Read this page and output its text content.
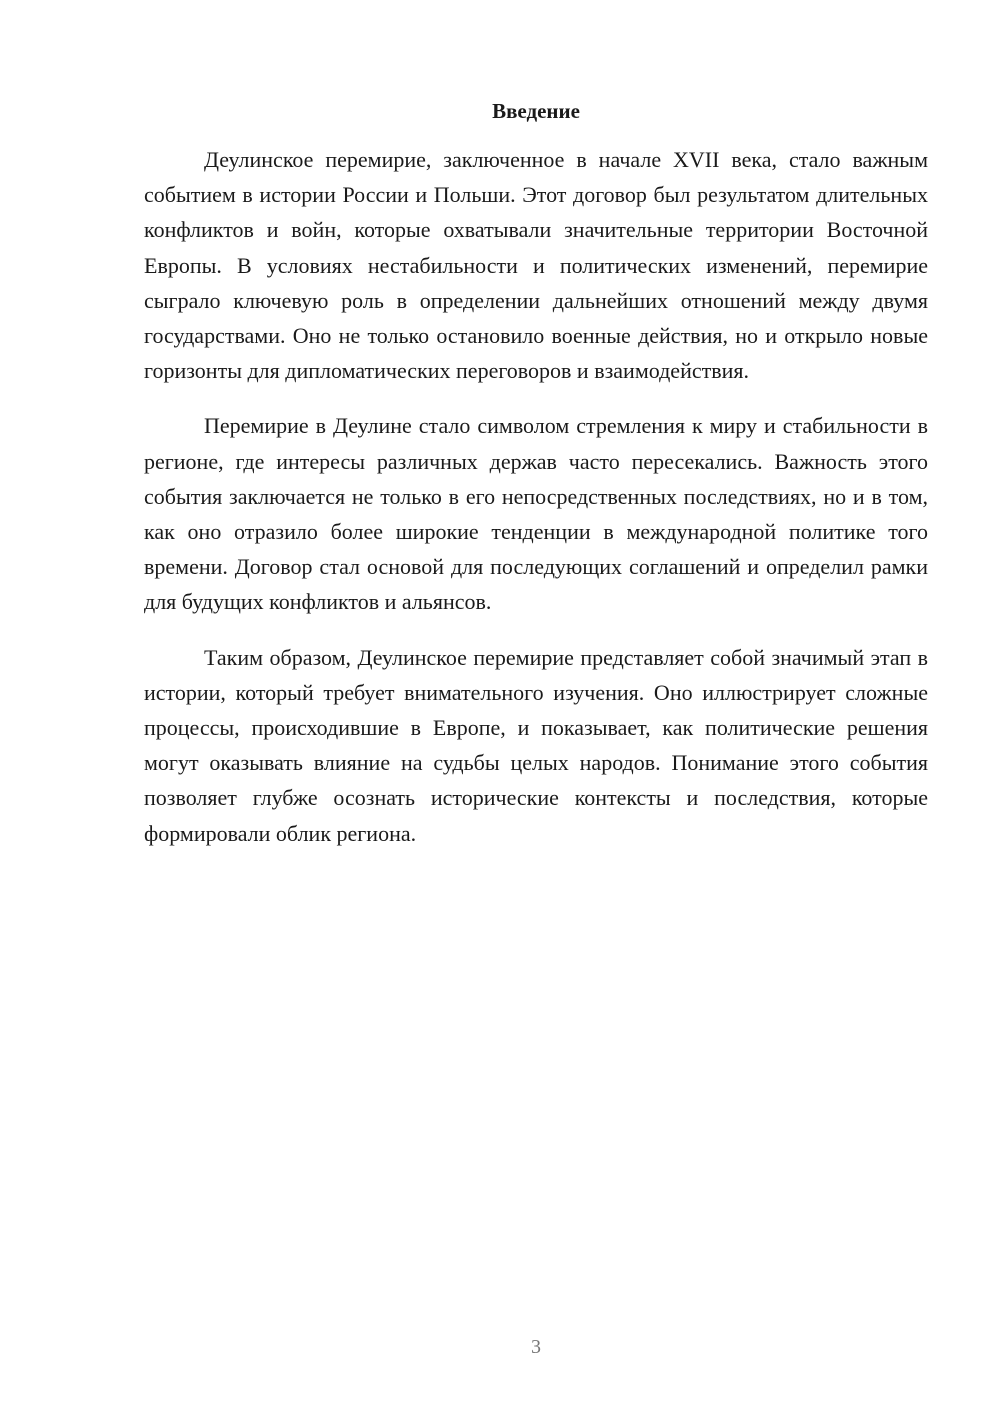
Введение

Деулинское перемирие, заключенное в начале XVII века, стало важным событием в истории России и Польши. Этот договор был результатом длительных конфликтов и войн, которые охватывали значительные территории Восточной Европы. В условиях нестабильности и политических изменений, перемирие сыграло ключевую роль в определении дальнейших отношений между двумя государствами. Оно не только остановило военные действия, но и открыло новые горизонты для дипломатических переговоров и взаимодействия.

Перемирие в Деулине стало символом стремления к миру и стабильности в регионе, где интересы различных держав часто пересекались. Важность этого события заключается не только в его непосредственных последствиях, но и в том, как оно отразило более широкие тенденции в международной политике того времени. Договор стал основой для последующих соглашений и определил рамки для будущих конфликтов и альянсов.

Таким образом, Деулинское перемирие представляет собой значимый этап в истории, который требует внимательного изучения. Оно иллюстрирует сложные процессы, происходившие в Европе, и показывает, как политические решения могут оказывать влияние на судьбы целых народов. Понимание этого события позволяет глубже осознать исторические контексты и последствия, которые формировали облик региона.

3
